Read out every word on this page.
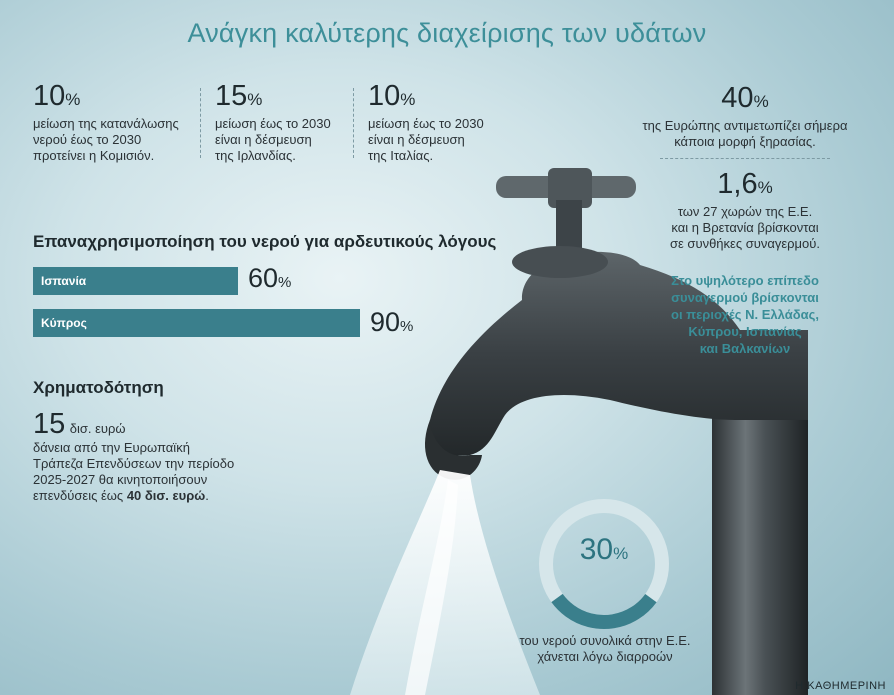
Ανάγκη καλύτερης διαχείρισης των υδάτων
10%
μείωση της κατανάλωσης
νερού έως το 2030
προτείνει η Κομισιόν.
15%
μείωση έως το 2030
είναι η δέσμευση
της Ιρλανδίας.
10%
μείωση έως το 2030
είναι η δέσμευση
της Ιταλίας.
40%
της Ευρώπης αντιμετωπίζει σήμερα
κάποια μορφή ξηρασίας.
1,6%
των 27 χωρών της Ε.Ε.
και η Βρετανία βρίσκονται
σε συνθήκες συναγερμού.
Στο υψηλότερο επίπεδο
συναγερμού βρίσκονται
οι περιοχές Ν. Ελλάδας,
Κύπρου, Ισπανίας
και Βαλκανίων
Επαναχρησιμοποίηση του νερού για αρδευτικούς λόγους
Ισπανία	60%
Κύπρος	90%
Χρηματοδότηση
15 δισ. ευρώ
δάνεια από την Ευρωπαϊκή
Τράπεζα Επενδύσεων την περίοδο
2025-2027 θα κινητοποιήσουν
επενδύσεις έως 40 δισ. ευρώ.
30%
του νερού συνολικά στην Ε.Ε.
χάνεται λόγω διαρροών
Η ΚΑΘΗΜΕΡΙΝΗ
